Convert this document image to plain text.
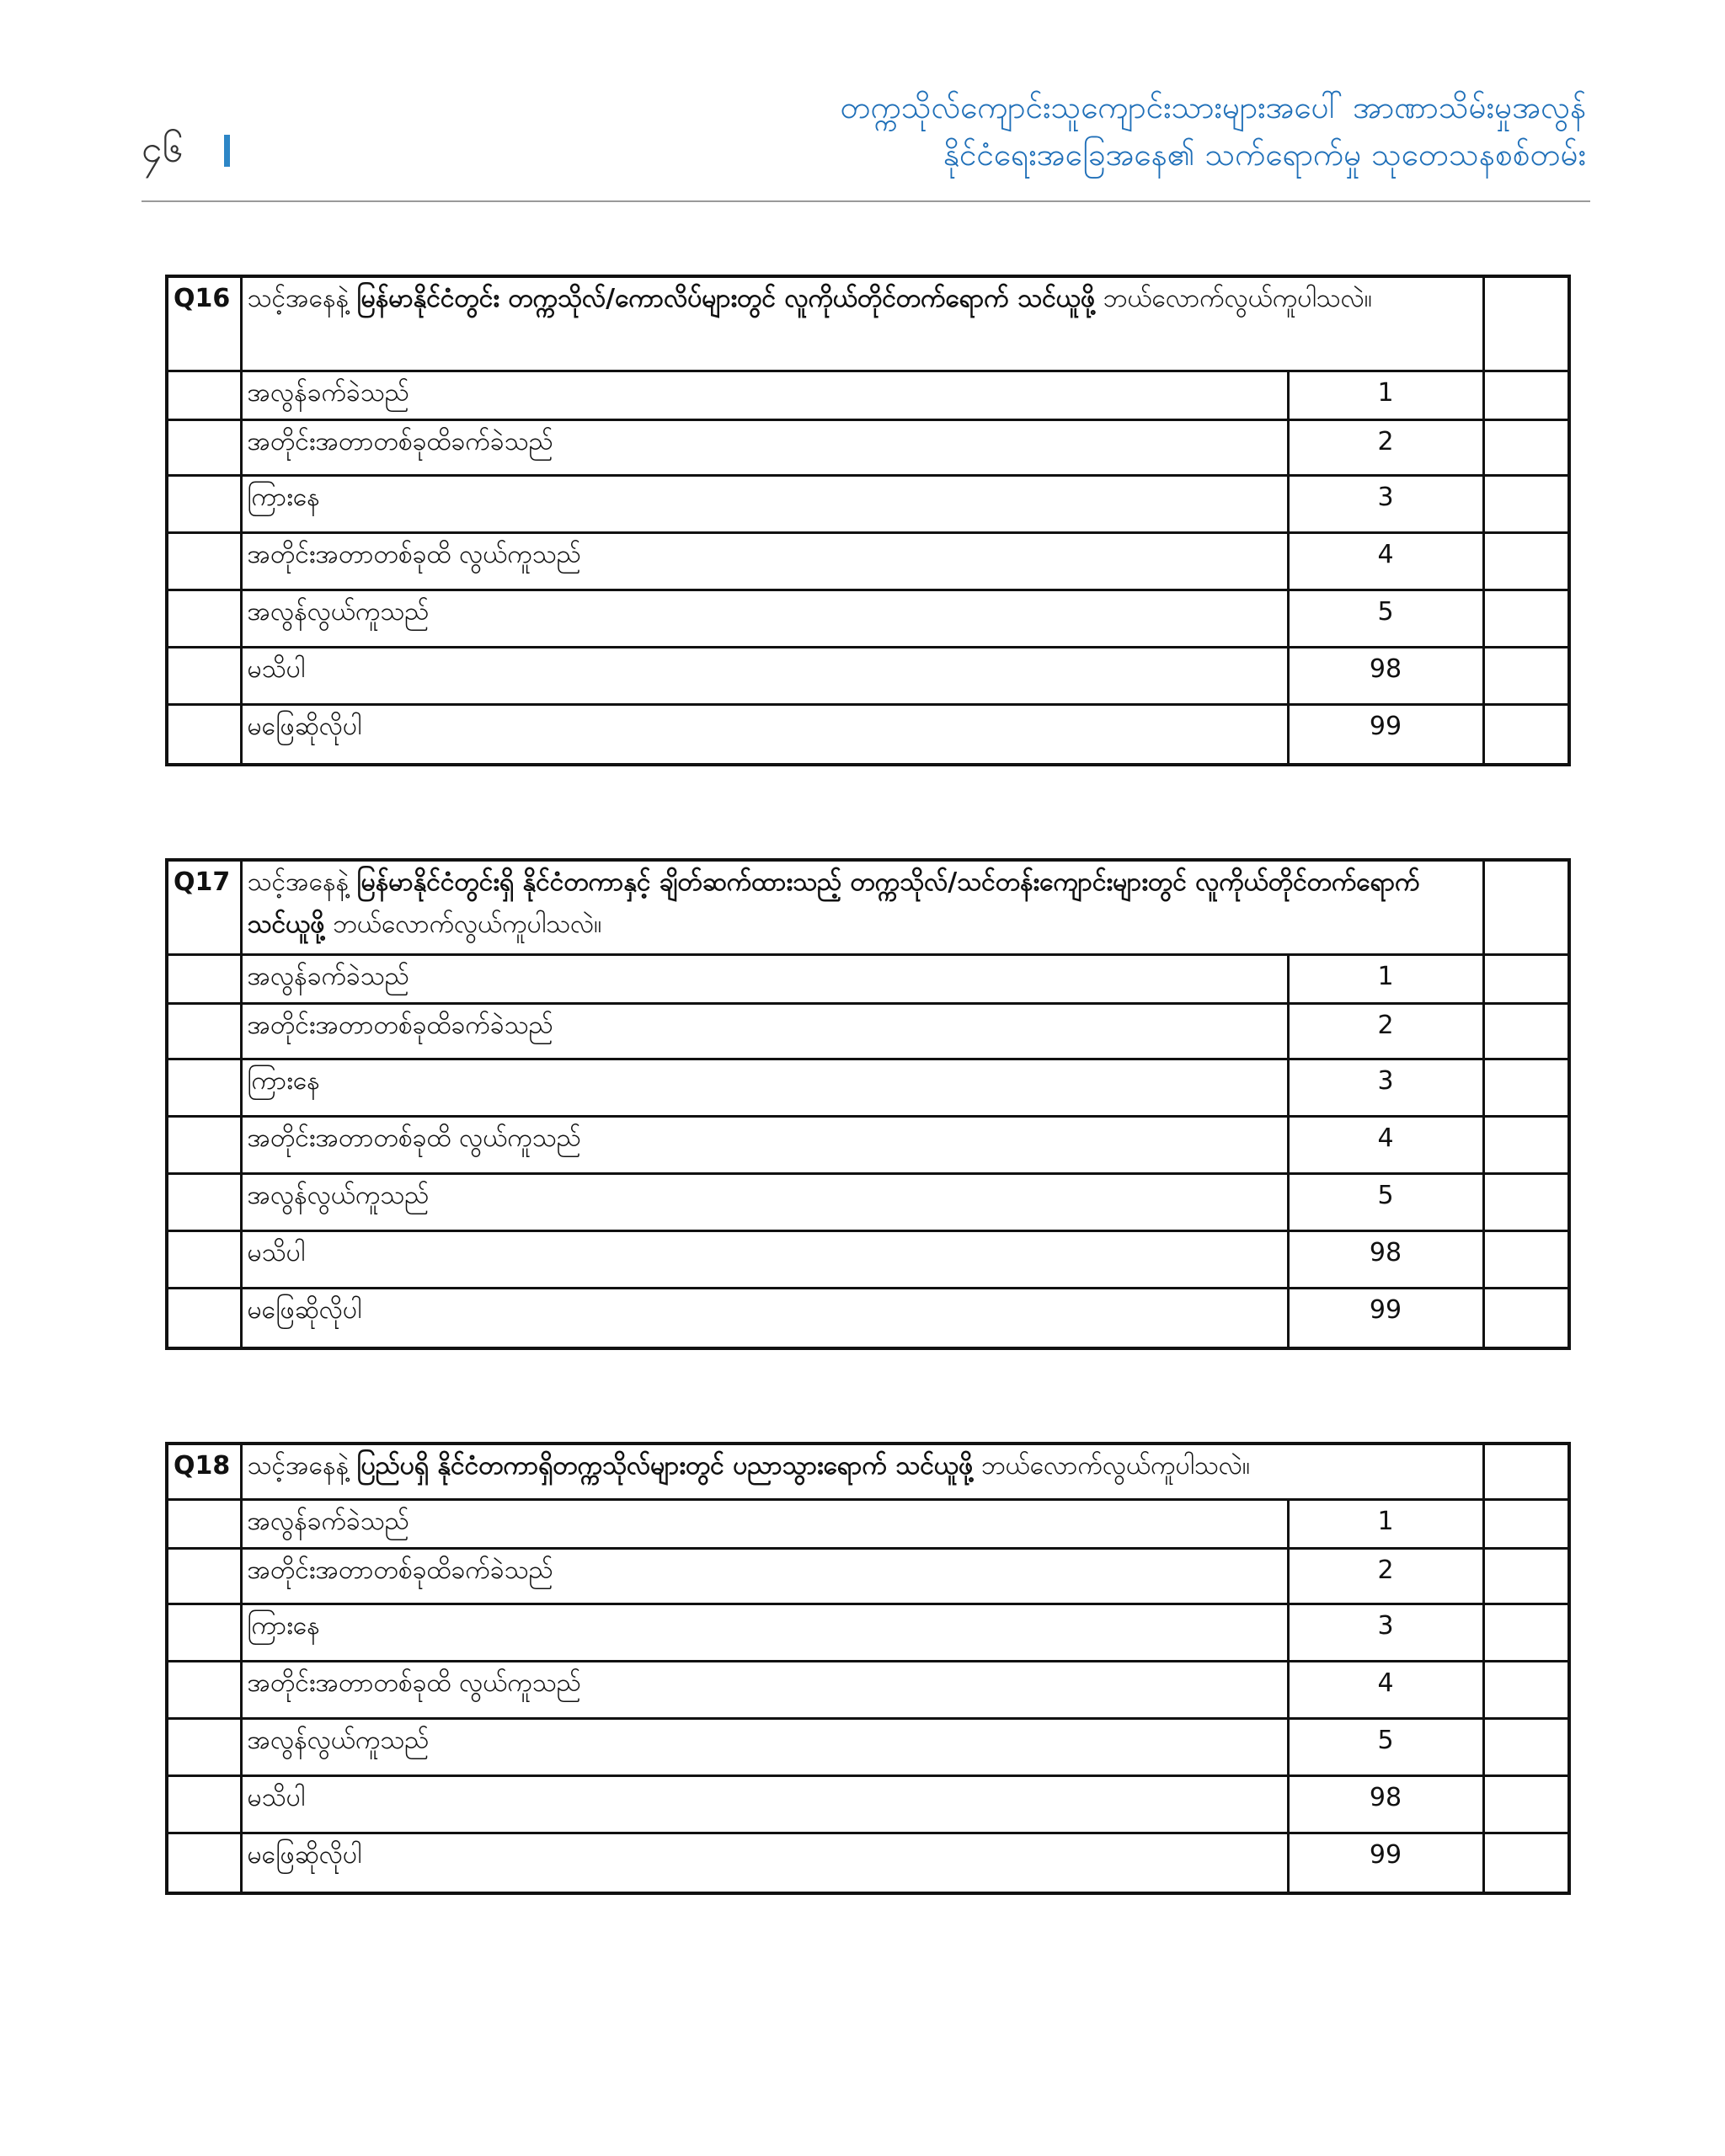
၄၆
တက္ကသိုလ်ကျောင်းသူကျောင်းသားများအပေါ် အာဏာသိမ်းမှုအလွန်
နိုင်ငံရေးအခြေအနေ၏ သက်ရောက်မှု သုတေသနစစ်တမ်း
Q16	သင့်အနေနဲ့ မြန်မာနိုင်ငံတွင်း တက္ကသိုလ်/ကောလိပ်များတွင် လူကိုယ်တိုင်တက်ရောက် သင်ယူဖို့ ဘယ်လောက်လွယ်ကူပါသလဲ။		
	အလွန်ခက်ခဲသည်	1	
	အတိုင်းအတာတစ်ခုထိခက်ခဲသည်	2	
	ကြားနေ	3	
	အတိုင်းအတာတစ်ခုထိ လွယ်ကူသည်	4	
	အလွန်လွယ်ကူသည်	5	
	မသိပါ	98	
	မဖြေဆိုလိုပါ	99	
Q17	သင့်အနေနဲ့ မြန်မာနိုင်ငံတွင်းရှိ နိုင်ငံတကာနှင့် ချိတ်ဆက်ထားသည့် တက္ကသိုလ်/သင်တန်းကျောင်းများတွင် လူကိုယ်တိုင်တက်ရောက် သင်ယူဖို့ ဘယ်လောက်လွယ်ကူပါသလဲ။		
	အလွန်ခက်ခဲသည်	1	
	အတိုင်းအတာတစ်ခုထိခက်ခဲသည်	2	
	ကြားနေ	3	
	အတိုင်းအတာတစ်ခုထိ လွယ်ကူသည်	4	
	အလွန်လွယ်ကူသည်	5	
	မသိပါ	98	
	မဖြေဆိုလိုပါ	99	
Q18	သင့်အနေနဲ့ ပြည်ပရှိ နိုင်ငံတကာရှိတက္ကသိုလ်များတွင် ပညာသွားရောက် သင်ယူဖို့ ဘယ်လောက်လွယ်ကူပါသလဲ။		
	အလွန်ခက်ခဲသည်	1	
	အတိုင်းအတာတစ်ခုထိခက်ခဲသည်	2	
	ကြားနေ	3	
	အတိုင်းအတာတစ်ခုထိ လွယ်ကူသည်	4	
	အလွန်လွယ်ကူသည်	5	
	မသိပါ	98	
	မဖြေဆိုလိုပါ	99	
